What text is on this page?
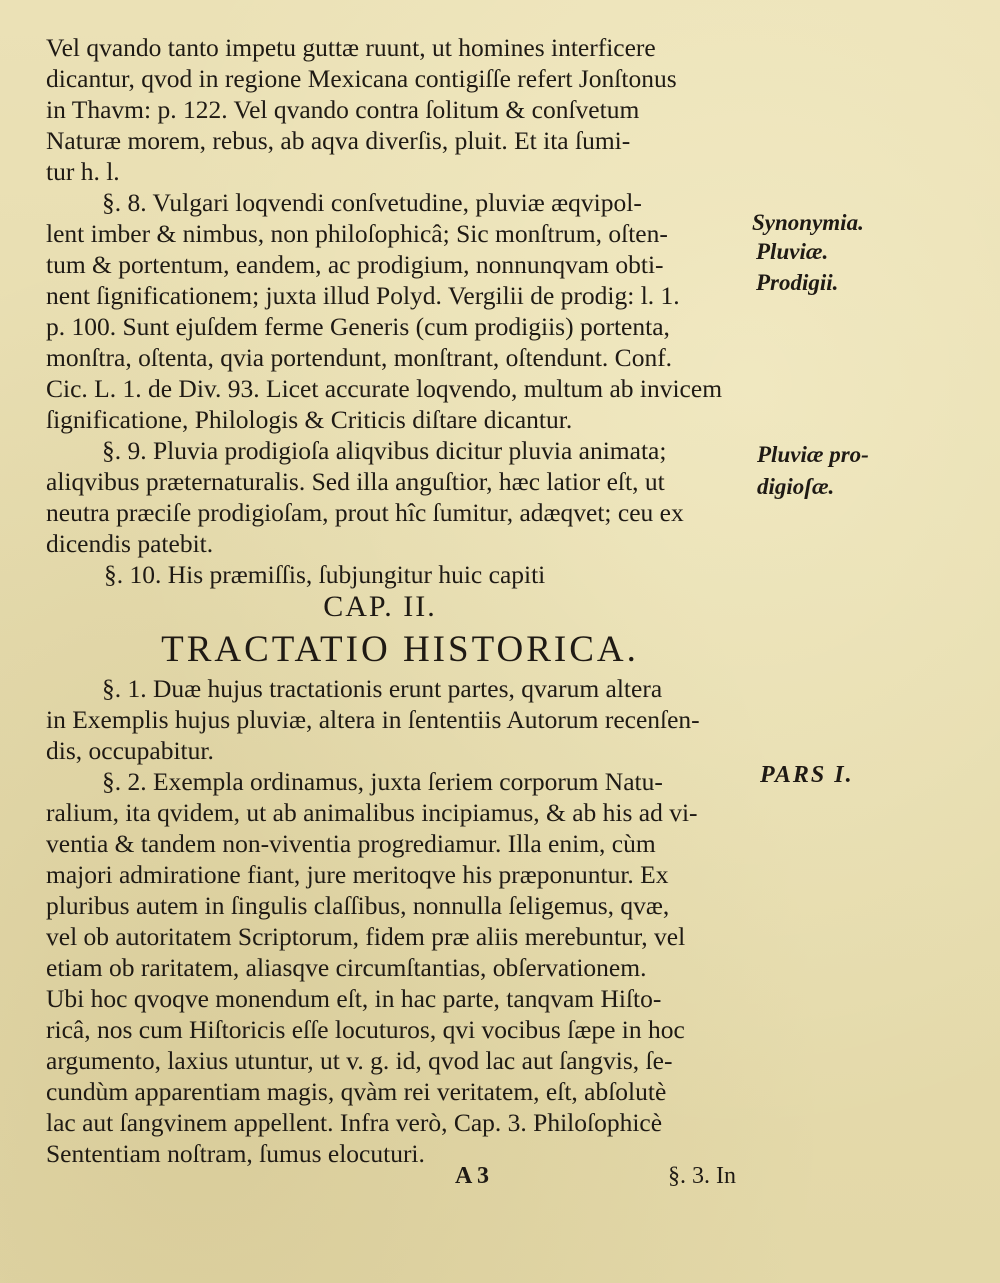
Vel qvando tanto impetu guttæ ruunt, ut homines interficere
dicantur, qvod in regione Mexicana contigiſſe refert Jonſtonus
in Thavm: p. 122. Vel qvando contra ſolitum & conſvetum
Naturæ morem, rebus, ab aqva diverſis, pluit. Et ita ſumi-
tur h. l.
§. 8. Vulgari loqvendi conſvetudine, pluviæ æqvipol-
lent imber & nimbus, non philoſophicâ; Sic monſtrum, oſten-
tum & portentum, eandem, ac prodigium, nonnunqvam obti-
nent ſignificationem; juxta illud Polyd. Vergilii de prodig: l. 1.
p. 100. Sunt ejuſdem ferme Generis (cum prodigiis) portenta,
monſtra, oſtenta, qvia portendunt, monſtrant, oſtendunt. Conf.
Cic. L. 1. de Div. 93. Licet accurate loqvendo, multum ab invicem
ſignificatione, Philologis & Criticis diſtare dicantur.
§. 9. Pluvia prodigioſa aliqvibus dicitur pluvia animata;
aliqvibus præternaturalis. Sed illa anguſtior, hæc latior eſt, ut
neutra præciſe prodigioſam, prout hîc ſumitur, adæqvet; ceu ex
dicendis patebit.
§. 10. His præmiſſis, ſubjungitur huic capiti
CAP. II.
TRACTATIO HISTORICA.
§. 1. Duæ hujus tractationis erunt partes, qvarum altera
in Exemplis hujus pluviæ, altera in ſententiis Autorum recenſen-
dis, occupabitur.
§. 2. Exempla ordinamus, juxta ſeriem corporum Natu-
ralium, ita qvidem, ut ab animalibus incipiamus, & ab his ad vi-
ventia & tandem non-viventia progrediamur. Illa enim, cùm
majori admiratione fiant, jure meritoqve his præponuntur. Ex
pluribus autem in ſingulis claſſibus, nonnulla ſeligemus, qvæ,
vel ob autoritatem Scriptorum, fidem præ aliis merebuntur, vel
etiam ob raritatem, aliasqve circumſtantias, obſervationem.
Ubi hoc qvoqve monendum eſt, in hac parte, tanqvam Hiſto-
ricâ, nos cum Hiſtoricis eſſe locuturos, qvi vocibus ſæpe in hoc
argumento, laxius utuntur, ut v. g. id, qvod lac aut ſangvis, ſe-
cundùm apparentiam magis, qvàm rei veritatem, eſt, abſolutè
lac aut ſangvinem appellent. Infra verò, Cap. 3. Philoſophicè
Sententiam noſtram, ſumus elocuturi.
Synonymia.
Pluviæ.
Prodigii.
Pluviæ pro-
digioſæ.
PARS I.
A 3	§. 3. In
